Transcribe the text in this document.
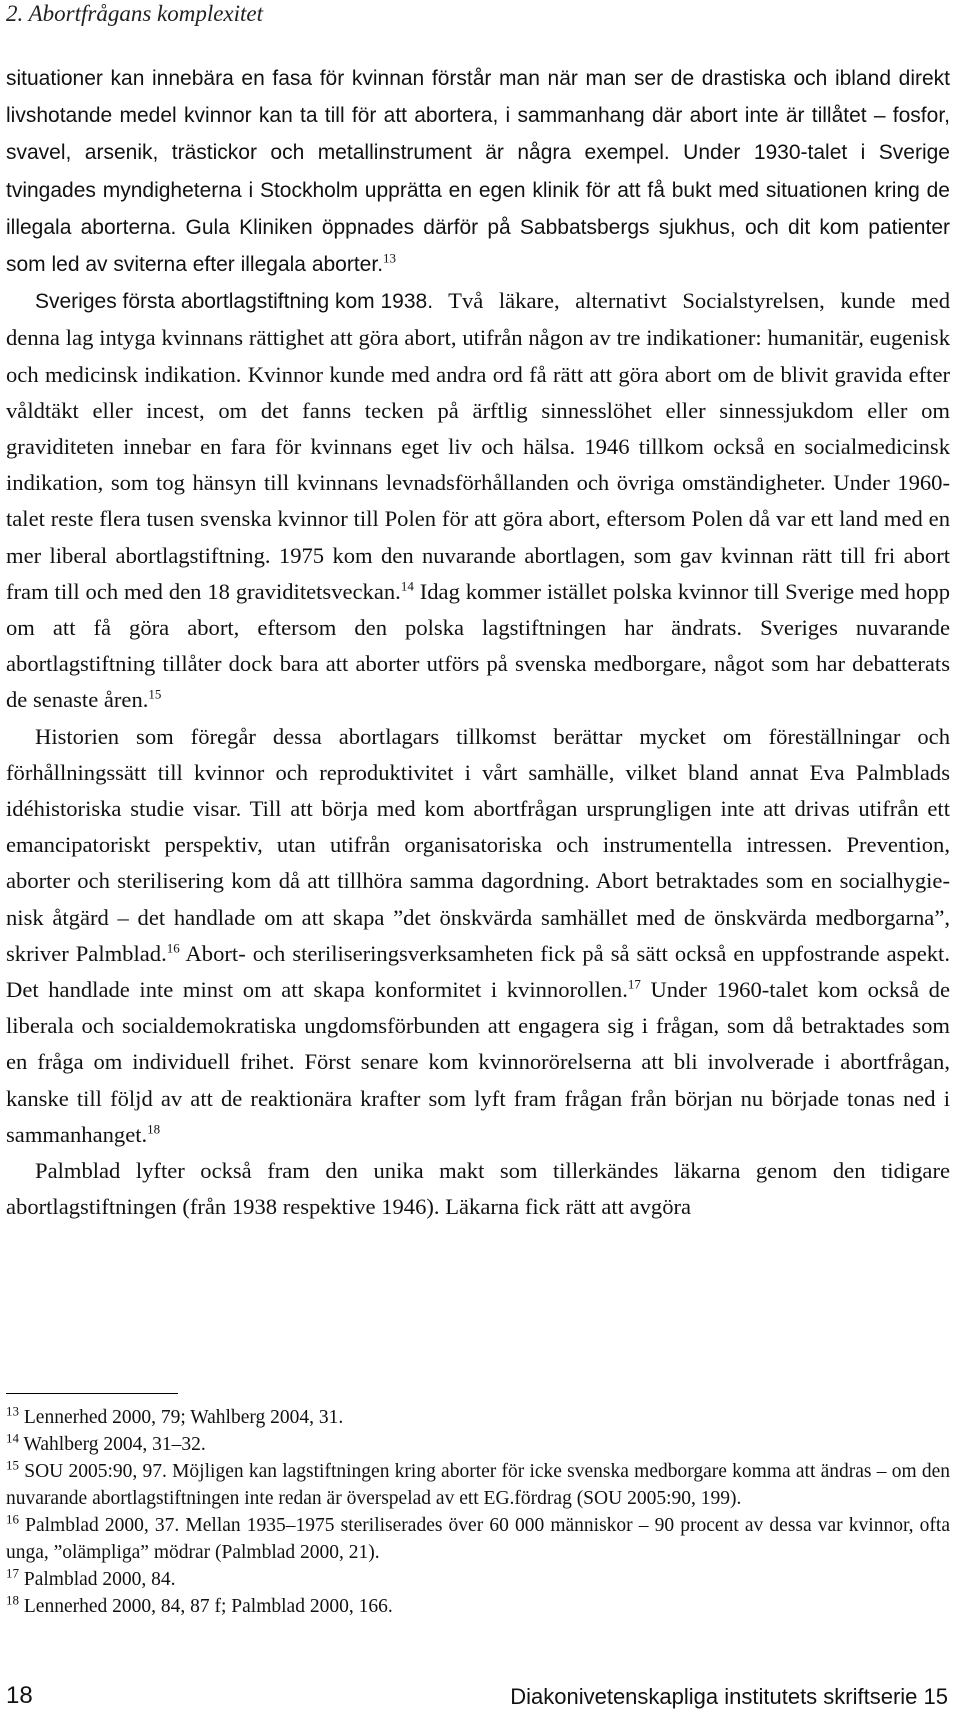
2. Abortfrågans komplexitet

situationer kan innebära en fasa för kvinnan förstår man när man ser de drastiska och ibland direkt livshotande medel kvinnor kan ta till för att abortera, i sammanhang där abort inte är tillåtet – fosfor, svavel, arsenik, trästickor och metallinstrument är några exempel. Under 1930-talet i Sverige tvingades myndigheterna i Stockholm upprätta en egen klinik för att få bukt med situationen kring de illegala aborterna. Gula Kliniken öppnades därför på Sabbatsbergs sjukhus, och dit kom patienter som led av sviterna efter illegala aborter.$^{13}$

Sveriges första abortlagstiftning kom 1938. Två läkare, alternativt Socialstyrelsen, kunde med denna lag intyga kvinnans rättighet att göra abort, utifrån någon av tre indikationer: humanitär, eugenisk och medicinsk indikation. Kvinnor kunde med andra ord få rätt att göra abort om de blivit gravida efter våldtäkt eller incest, om det fanns tecken på ärftlig sinnesslöhet eller sinnessjukdom eller om graviditeten innebar en fara för kvinnans eget liv och hälsa. 1946 tillkom också en socialmedicinsk indikation, som tog hänsyn till kvinnans levnadsförhållanden och övriga omständigheter. Under 1960-talet reste flera tusen svenska kvinnor till Polen för att göra abort, eftersom Polen då var ett land med en mer liberal abortlagstiftning. 1975 kom den nuvarande abortlagen, som gav kvinnan rätt till fri abort fram till och med den 18 graviditetsveckan.$^{14}$ Idag kommer istället polska kvinnor till Sverige med hopp om att få göra abort, eftersom den polska lagstiftningen har ändrats. Sveriges nuvarande abortlagstiftning tillåter dock bara att aborter utförs på svenska medborgare, något som har debatterats de senaste åren.$^{15}$

Historien som föregår dessa abortlagars tillkomst berättar mycket om föreställningar och förhållningssätt till kvinnor och reproduktivitet i vårt samhälle, vilket bland annat Eva Palmblads idéhistoriska studie visar. Till att börja med kom abortfrågan ursprungligen inte att drivas utifrån ett emancipatoriskt perspektiv, utan utifrån organisatoriska och instrumentella intressen. Prevention, aborter och sterilisering kom då att tillhöra samma dagordning. Abort betraktades som en socialhygienisk åtgärd – det handlade om att skapa ”det önskvärda samhället med de önskvärda medborgarna”, skriver Palmblad.$^{16}$ Abort- och steriliseringsverksamheten fick på så sätt också en uppfostrande aspekt. Det handlade inte minst om att skapa konformitet i kvinnorollen.$^{17}$ Under 1960-talet kom också de liberala och socialdemokratiska ungdomsförbunden att engagera sig i frågan, som då betraktades som en fråga om individuell frihet. Först senare kom kvinnorörelserna att bli involverade i abortfrågan, kanske till följd av att de reaktionära krafter som lyft fram frågan från början nu började tonas ned i sammanhanget.$^{18}$

Palmblad lyfter också fram den unika makt som tillerkändes läkarna genom den tidigare abortlagstiftningen (från 1938 respektive 1946). Läkarna fick rätt att avgöra

$^{13}$ Lennerhed 2000, 79; Wahlberg 2004, 31.

$^{14}$ Wahlberg 2004, 31–32.

$^{15}$ SOU 2005:90, 97. Möjligen kan lagstiftningen kring aborter för icke svenska medborgare komma att ändras – om den nuvarande abortlagstiftningen inte redan är överspelad av ett EG.fördrag (SOU 2005:90, 199).

$^{16}$ Palmblad 2000, 37. Mellan 1935–1975 steriliserades över 60 000 människor – 90 procent av dessa var kvinnor, ofta unga, ”olämpliga” mödrar (Palmblad 2000, 21).

$^{17}$ Palmblad 2000, 84.

$^{18}$ Lennerhed 2000, 84, 87 f; Palmblad 2000, 166.

18	Diakonivetenskapliga institutets skriftserie 15
